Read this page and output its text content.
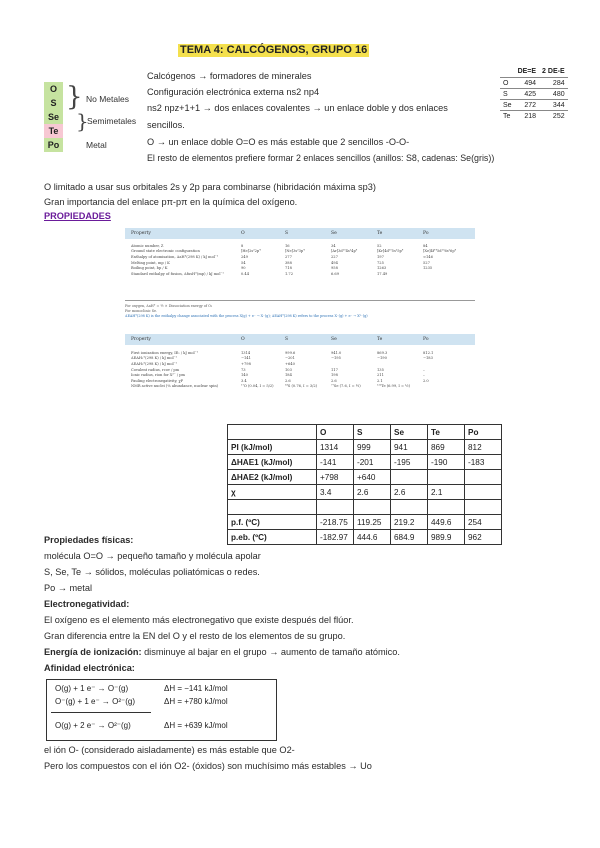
TEMA 4: CALCÓGENOS, GRUPO 16
O
S
Se
Te
Po
} No Metales
}
Semimetales
Metal
Calcógenos → formadores de minerales
Configuración electrónica externa ns2 np4
ns2 npz+1+1 → dos enlaces covalentes → un enlace doble y dos enlaces
sencillos.
O → un enlace doble O=O es más estable que 2 sencillos -O-O-
El resto de elementos prefiere formar 2 enlaces sencillos (anillos: S8, cadenas: Se(gris))
	DE=E	2 DE-E
O	494	284
S	425	480
Se	272	344
Te	218	252
O limitado a usar sus orbitales 2s y 2p para combinarse (hibridación máxima sp3)
Gran importancia del enlace pπ-pπ en la química del oxígeno.
PROPIEDADES
Property	O	S	Se	Te	Po
Atomic number, Z	8	16	34	52	84
Ground state electronic configuration	[He]2s²2p⁴	[Ne]3s²3p⁴	[Ar]3d¹⁰4s²4p⁴	[Kr]4d¹⁰5s²5p⁴	[Xe]4f¹⁴5d¹⁰6s²6p⁴
Enthalpy of atomisation, ΔaH°(298 K) / kJ mol⁻¹	249	277	227	197	≈146
Melting point, mp / K	54	388	494	725	527
Boiling point, bp / K	90	718	958	1263	1235
Standard enthalpy of fusion, ΔfusH°(mp) / kJ mol⁻¹	0.44	1.72	6.69	17.49
For oxygen, ΔaH° = ½ × Dissociation energy of O₂
For monoclinic Se.
ΔEAH°(298 K) is the enthalpy change associated with the process X(g) + e⁻ → X⁻(g); ΔEAH°(298 K) refers to the process X⁻(g) + e⁻ → X²⁻(g)
Property	O	S	Se	Te	Po
First ionization energy, IE₁ / kJ mol⁻¹	1314	999.6	941.0	869.3	812.1
ΔEAH₁°(298 K) / kJ mol⁻¹	−141	−201	−195	−190	−183
ΔEAH₂°(298 K) / kJ mol⁻¹	+798	+640
Covalent radius, rcov / pm	73	103	117	135	–
Ionic radius, rion for X²⁻ / pm	140	184	198	211	–
Pauling electronegativity, χP	3.4	2.6	2.6	2.1	2.0
NMR active nuclei (% abundance, nuclear spin)	¹⁷O (0.04, I = 5/2)	³³S (0.76, I = 3/2)	⁷⁷Se (7.6, I = ½)	¹²⁵Te (6.99, I = ½)
	O	S	Se	Te	Po
PI (kJ/mol)	1314	999	941	869	812
ΔHAE1 (kJ/mol)	-141	-201	-195	-190	-183
ΔHAE2 (kJ/mol)	+798	+640			
χ	3.4	2.6	2.6	2.1	

p.f. (ºC)	-218.75	119.25	219.2	449.6	254
p.eb. (ºC)	-182.97	444.6	684.9	989.9	962
Propiedades físicas:
molécula O=O → pequeño tamaño y molécula apolar
S, Se, Te → sólidos, moléculas poliatómicas o redes.
Po → metal
Electronegatividad:
El oxígeno es el elemento más electronegativo que existe después del flúor.
Gran diferencia entre la EN del O y el resto de los elementos de su grupo.
Energía de ionización: disminuye al bajar en el grupo → aumento de tamaño atómico.
Afinidad electrónica:
O(g) + 1 e⁻ → O⁻(g)	ΔH = −141 kJ/mol
O⁻(g) + 1 e⁻ → O²⁻(g)	ΔH = +780 kJ/mol
O(g) + 2 e⁻ → O²⁻(g)	ΔH = +639 kJ/mol
el ión O- (considerado aisladamente) es más estable que O2-
Pero los compuestos con el ión O2- (óxidos) son muchísimo más estables → Uo
